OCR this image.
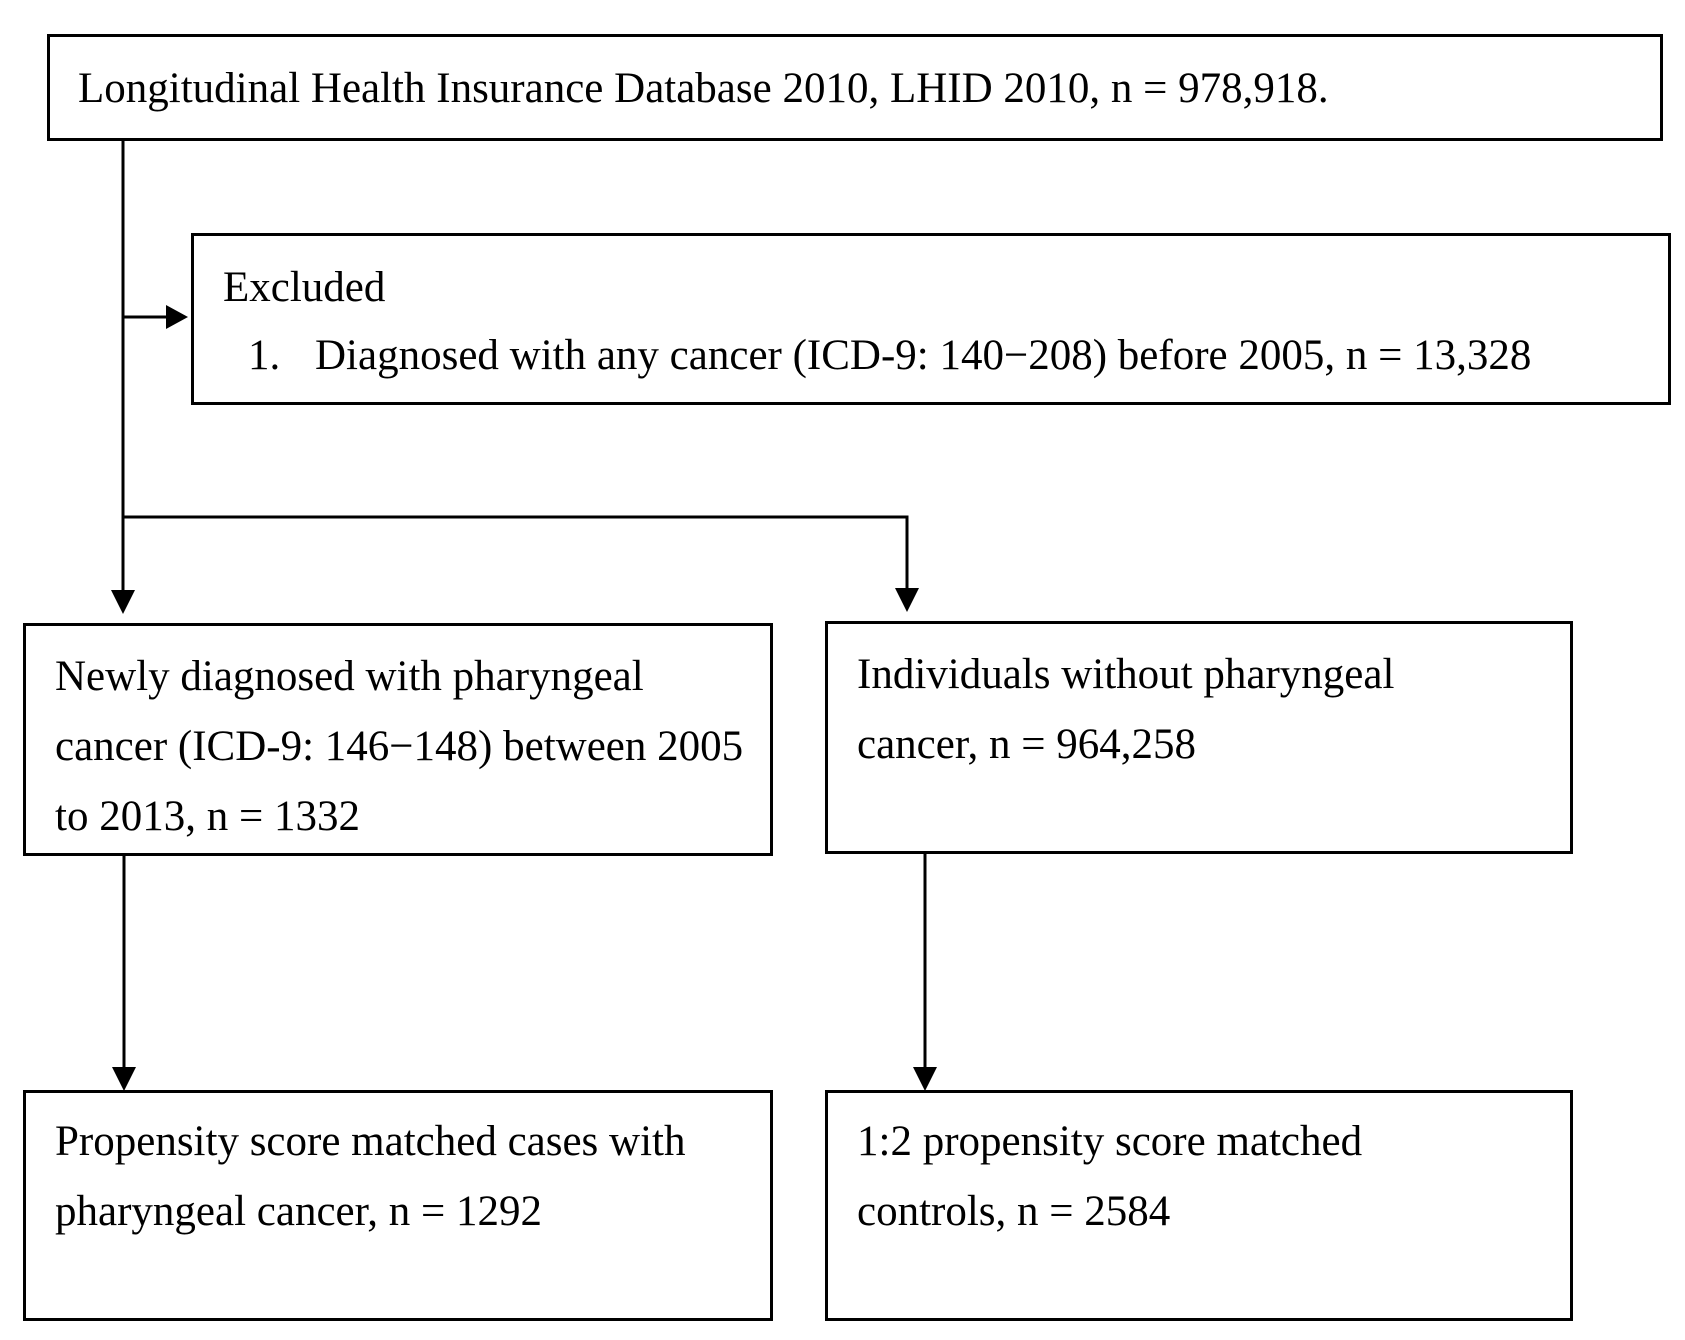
Longitudinal Health Insurance Database 2010, LHID 2010, n = 978,918.
Excluded
1. Diagnosed with any cancer (ICD-9: 140−208) before 2005, n = 13,328
Newly diagnosed with pharyngeal cancer (ICD-9: 146−148) between 2005 to 2013, n = 1332
Individuals without pharyngeal cancer, n = 964,258
Propensity score matched cases with pharyngeal cancer, n = 1292
1:2 propensity score matched controls, n = 2584
